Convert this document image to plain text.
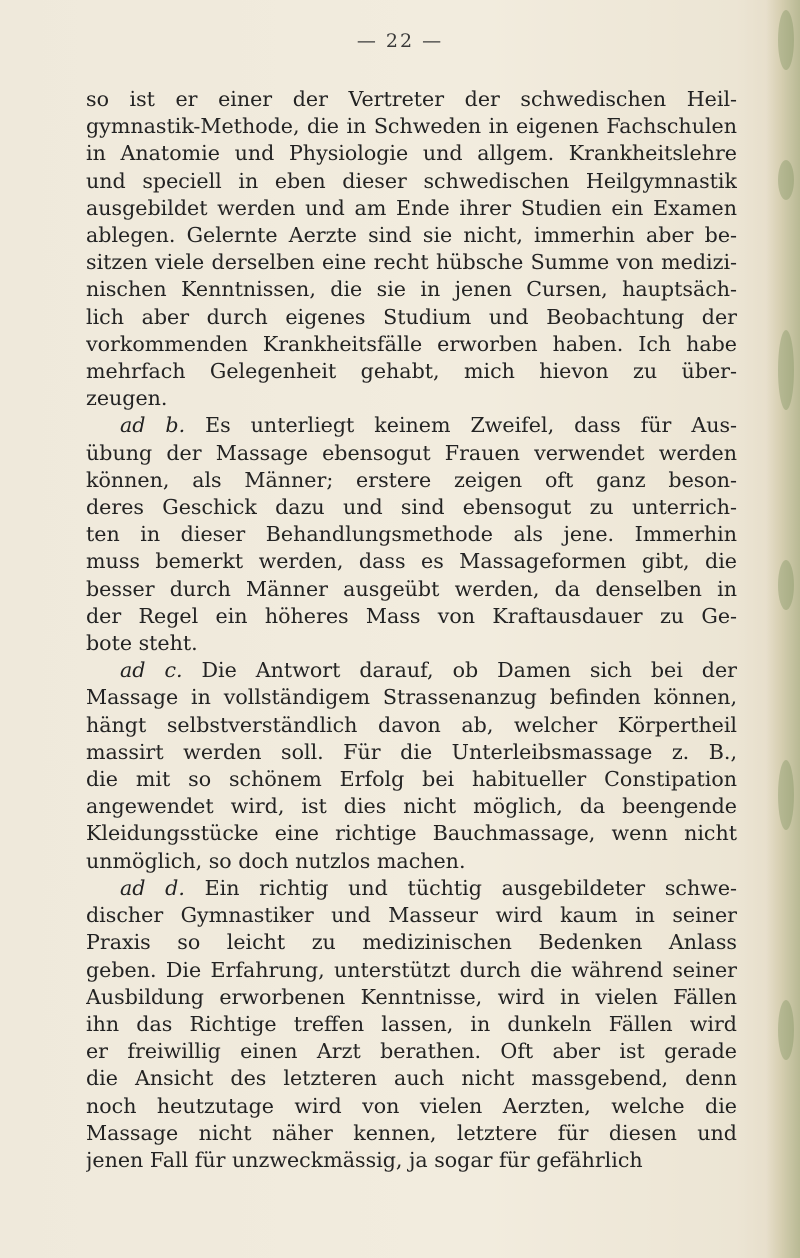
— 22 —
so ist er einer der Vertreter der schwedischen Heil-
gymnastik-Methode, die in Schweden in eigenen Fachschulen
in Anatomie und Physiologie und allgem. Krankheitslehre
und speciell in eben dieser schwedischen Heilgymnastik
ausgebildet werden und am Ende ihrer Studien ein Examen
ablegen. Gelernte Aerzte sind sie nicht, immerhin aber be-
sitzen viele derselben eine recht hübsche Summe von medizi-
nischen Kenntnissen, die sie in jenen Cursen, hauptsäch-
lich aber durch eigenes Studium und Beobachtung der
vorkommenden Krankheitsfälle erworben haben. Ich habe
mehrfach Gelegenheit gehabt, mich hievon zu über-
zeugen.
ad b. Es unterliegt keinem Zweifel, dass für Aus-
übung der Massage ebensogut Frauen verwendet werden
können, als Männer; erstere zeigen oft ganz beson-
deres Geschick dazu und sind ebensogut zu unterrich-
ten in dieser Behandlungsmethode als jene. Immerhin
muss bemerkt werden, dass es Massageformen gibt, die
besser durch Männer ausgeübt werden, da denselben in
der Regel ein höheres Mass von Kraftausdauer zu Ge-
bote steht.
ad c. Die Antwort darauf, ob Damen sich bei der
Massage in vollständigem Strassenanzug befinden können,
hängt selbstverständlich davon ab, welcher Körpertheil
massirt werden soll. Für die Unterleibsmassage z. B.,
die mit so schönem Erfolg bei habitueller Constipation
angewendet wird, ist dies nicht möglich, da beengende
Kleidungsstücke eine richtige Bauchmassage, wenn nicht
unmöglich, so doch nutzlos machen.
ad d. Ein richtig und tüchtig ausgebildeter schwe-
discher Gymnastiker und Masseur wird kaum in seiner
Praxis so leicht zu medizinischen Bedenken Anlass
geben. Die Erfahrung, unterstützt durch die während seiner
Ausbildung erworbenen Kenntnisse, wird in vielen Fällen
ihn das Richtige treffen lassen, in dunkeln Fällen wird
er freiwillig einen Arzt berathen. Oft aber ist gerade
die Ansicht des letzteren auch nicht massgebend, denn
noch heutzutage wird von vielen Aerzten, welche die
Massage nicht näher kennen, letztere für diesen und
jenen Fall für unzweckmässig, ja sogar für gefährlich
